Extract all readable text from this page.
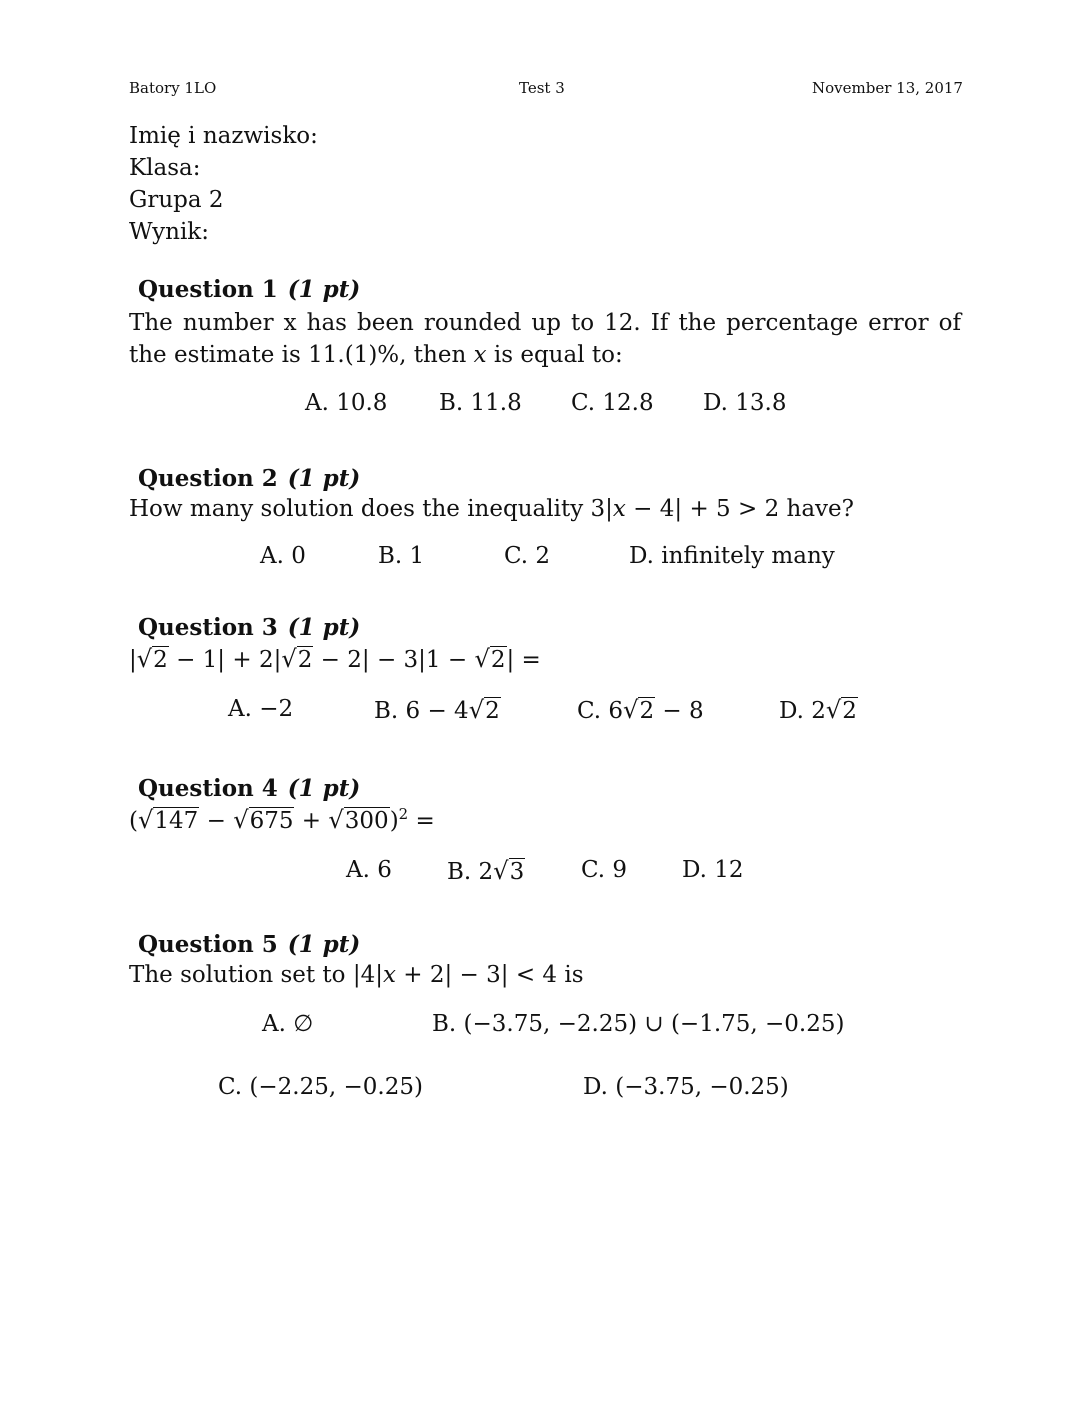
Batory 1LO	Test 3	November 13, 2017
Imię i nazwisko:
Klasa:
Grupa 2
Wynik:
Question 1 (1 pt)
The number x has been rounded up to 12. If the percentage error of the estimate is 11.(1)%, then x is equal to:
A. 10.8 B. 11.8 C. 12.8 D. 13.8
Question 2 (1 pt)
How many solution does the inequality 3|x − 4| + 5 > 2 have?
A. 0	B. 1	C. 2	D. infinitely many
Question 3 (1 pt)
|√2 − 1| + 2|√2 − 2| − 3|1 − √2| =
A. −2	B. 6 − 4√2	C. 6√2 − 8	D. 2√2
Question 4 (1 pt)
$(√147 - √675 + √300)^2$ =
A. 6 B. 2√3 C. 9 D. 12
Question 5 (1 pt)
The solution set to |4|x + 2| − 3| < 4 is
A. ∅	B. (−3.75, −2.25) ∪ (−1.75, −0.25)
C. (−2.25, −0.25)	D. (−3.75, −0.25)
